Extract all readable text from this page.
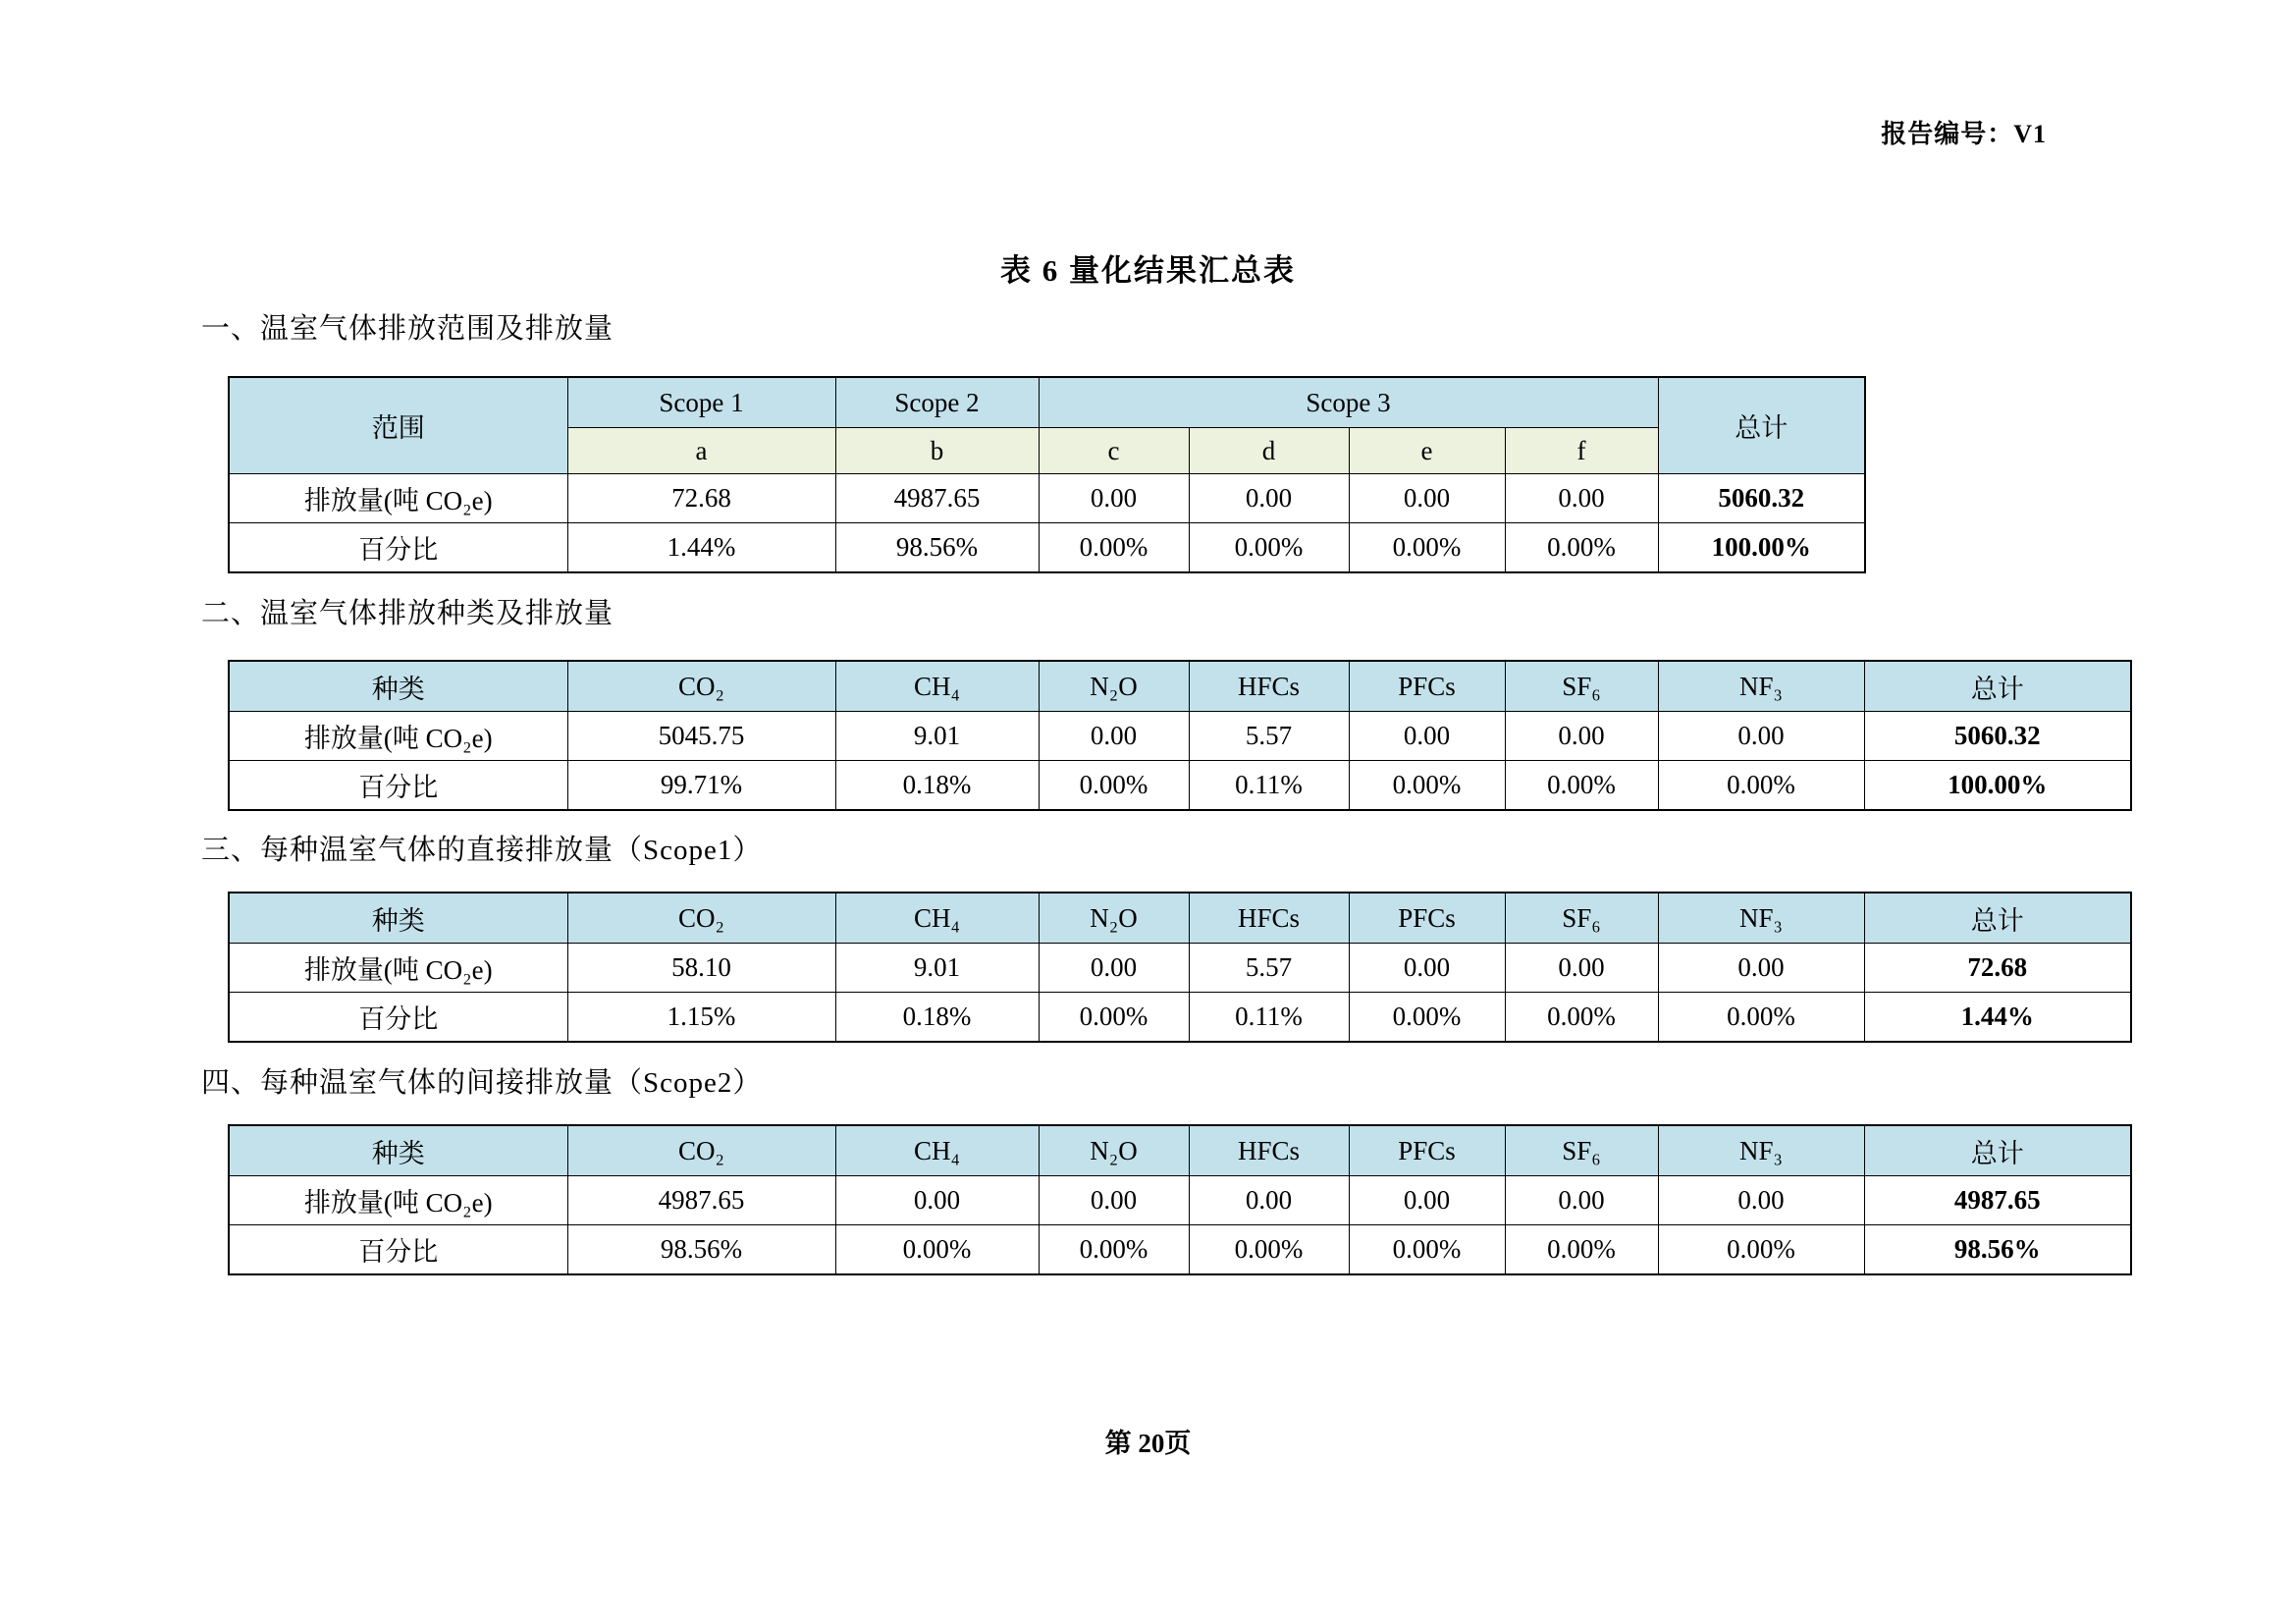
报告编号：V1
表 6 量化结果汇总表
一、温室气体排放范围及排放量
范围	Scope 1	Scope 2	Scope 3				总计
	a	b	c	d	e	f	
排放量(吨 CO₂e)	72.68	4987.65	0.00	0.00	0.00	0.00	5060.32
百分比	1.44%	98.56%	0.00%	0.00%	0.00%	0.00%	100.00%
二、温室气体排放种类及排放量
种类	CO₂	CH₄	N₂O	HFCs	PFCs	SF₆	NF₃	总计
排放量(吨 CO₂e)	5045.75	9.01	0.00	5.57	0.00	0.00	0.00	5060.32
百分比	99.71%	0.18%	0.00%	0.11%	0.00%	0.00%	0.00%	100.00%
三、每种温室气体的直接排放量（Scope1）
种类	CO₂	CH₄	N₂O	HFCs	PFCs	SF₆	NF₃	总计
排放量(吨 CO₂e)	58.10	9.01	0.00	5.57	0.00	0.00	0.00	72.68
百分比	1.15%	0.18%	0.00%	0.11%	0.00%	0.00%	0.00%	1.44%
四、每种温室气体的间接排放量（Scope2）
种类	CO₂	CH₄	N₂O	HFCs	PFCs	SF₆	NF₃	总计
排放量(吨 CO₂e)	4987.65	0.00	0.00	0.00	0.00	0.00	0.00	4987.65
百分比	98.56%	0.00%	0.00%	0.00%	0.00%	0.00%	0.00%	98.56%
第 20页
